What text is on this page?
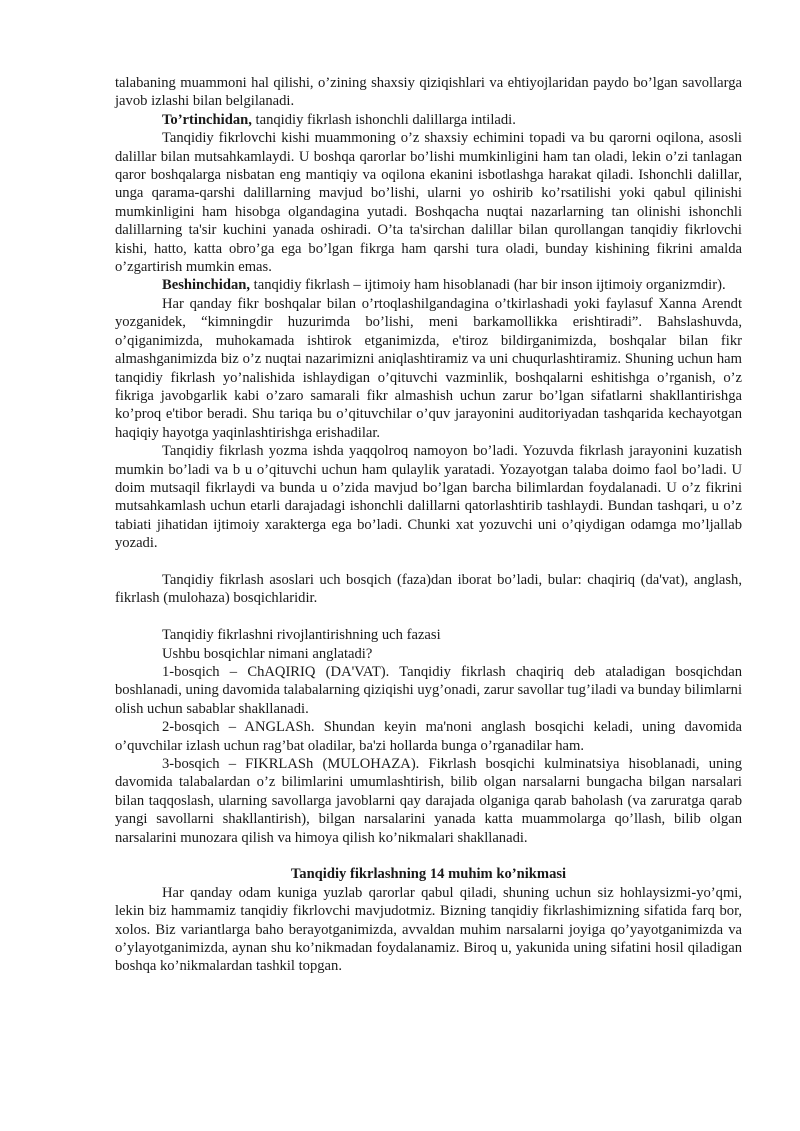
talabaning muammoni hal qilishi, o’zining shaxsiy qiziqishlari va ehtiyojlaridan paydo bo’lgan savollarga javob izlashi bilan belgilanadi.

To’rtinchidan, tanqidiy fikrlash ishonchli dalillarga intiladi.

Tanqidiy fikrlovchi kishi muammoning o’z shaxsiy echimini topadi va bu qarorni oqilona, asosli dalillar bilan mutsahkamlaydi. U boshqa qarorlar bo’lishi mumkinligini ham tan oladi, lekin o’zi tanlagan qaror boshqalarga nisbatan eng mantiqiy va oqilona ekanini isbotlashga harakat qiladi. Ishonchli dalillar, unga qarama-qarshi dalillarning mavjud bo’lishi, ularni yo oshirib ko’rsatilishi yoki qabul qilinishi mumkinligini ham hisobga olgandagina yutadi. Boshqacha nuqtai nazarlarning tan olinishi ishonchli dalillarning ta'sir kuchini yanada oshiradi. O’ta ta'sirchan dalillar bilan qurollangan tanqidiy fikrlovchi kishi, hatto, katta obro’ga ega bo’lgan fikrga ham qarshi tura oladi, bunday kishining fikrini amalda o’zgartirish mumkin emas.

Beshinchidan, tanqidiy fikrlash – ijtimoiy ham hisoblanadi (har bir inson ijtimoiy organizmdir).

Har qanday fikr boshqalar bilan o’rtoqlashilgandagina o’tkirlashadi yoki faylasuf Xanna Arendt yozganidek, “kimningdir huzurimda bo’lishi, meni barkamollikka erishtiradi”. Bahslashuvda, o’qiganimizda, muhokamada ishtirok etganimizda, e'tiroz bildirganimizda, boshqalar bilan fikr almashganimizda biz o’z nuqtai nazarimizni aniqlashtiramiz va uni chuqurlashtiramiz. Shuning uchun ham tanqidiy fikrlash yo’nalishida ishlaydigan o’qituvchi vazminlik, boshqalarni eshitishga o’rganish, o’z fikriga javobgarlik kabi o’zaro samarali fikr almashish uchun zarur bo’lgan sifatlarni shakllantirishga ko’proq e'tibor beradi. Shu tariqa bu o’qituvchilar o’quv jarayonini auditoriyadan tashqarida kechayotgan haqiqiy hayotga yaqinlashtirishga erishadilar.

Tanqidiy fikrlash yozma ishda yaqqolroq namoyon bo’ladi. Yozuvda fikrlash jarayonini kuzatish mumkin bo’ladi va b u o’qituvchi uchun ham qulaylik yaratadi. Yozayotgan talaba doimo faol bo’ladi. U doim mutsaqil fikrlaydi va bunda u o’zida mavjud bo’lgan barcha bilimlardan foydalanadi. U o’z fikrini mutsahkamlash uchun etarli darajadagi ishonchli dalillarni qatorlashtirib tashlaydi. Bundan tashqari, u o’z tabiati jihatidan ijtimoiy xarakterga ega bo’ladi. Chunki xat yozuvchi uni o’qiydigan odamga mo’ljallab yozadi.

Tanqidiy fikrlash asoslari uch bosqich (faza)dan iborat bo’ladi, bular: chaqiriq (da'vat), anglash, fikrlash (mulohaza) bosqichlaridir.

Tanqidiy fikrlashni rivojlantirishning uch fazasi

Ushbu bosqichlar nimani anglatadi?

1-bosqich – ChAQIRIQ (DA'VAT). Tanqidiy fikrlash chaqiriq deb ataladigan bosqichdan boshlanadi, uning davomida talabalarning qiziqishi uyg’onadi, zarur savollar tug’iladi va bunday bilimlarni olish uchun sabablar shakllanadi.

2-bosqich – ANGLASh. Shundan keyin ma'noni anglash bosqichi keladi, uning davomida o’quvchilar izlash uchun rag’bat oladilar, ba'zi hollarda bunga o’rganadilar ham.

3-bosqich – FIKRLASh (MULOHAZA). Fikrlash bosqichi kulminatsiya hisoblanadi, uning davomida talabalardan o’z bilimlarini umumlashtirish, bilib olgan narsalarni bungacha bilgan narsalari bilan taqqoslash, ularning savollarga javoblarni qay darajada olganiga qarab baholash (va zaruratga qarab yangi savollarni shakllantirish), bilgan narsalarini yanada katta muammolarga qo’llash, bilib olgan narsalarini munozara qilish va himoya qilish ko’nikmalari shakllanadi.

Tanqidiy fikrlashning 14 muhim ko’nikmasi

Har qanday odam kuniga yuzlab qarorlar qabul qiladi, shuning uchun siz hohlaysizmi-yo’qmi, lekin biz hammamiz tanqidiy fikrlovchi mavjudotmiz. Bizning tanqidiy fikrlashimizning sifatida farq bor, xolos. Biz variantlarga baho berayotganimizda, avvaldan muhim narsalarni joyiga qo’yayotganimizda va o’ylayotganimizda, aynan shu ko’nikmadan foydalanamiz. Biroq u, yakunida uning sifatini hosil qiladigan boshqa ko’nikmalardan tashkil topgan.
